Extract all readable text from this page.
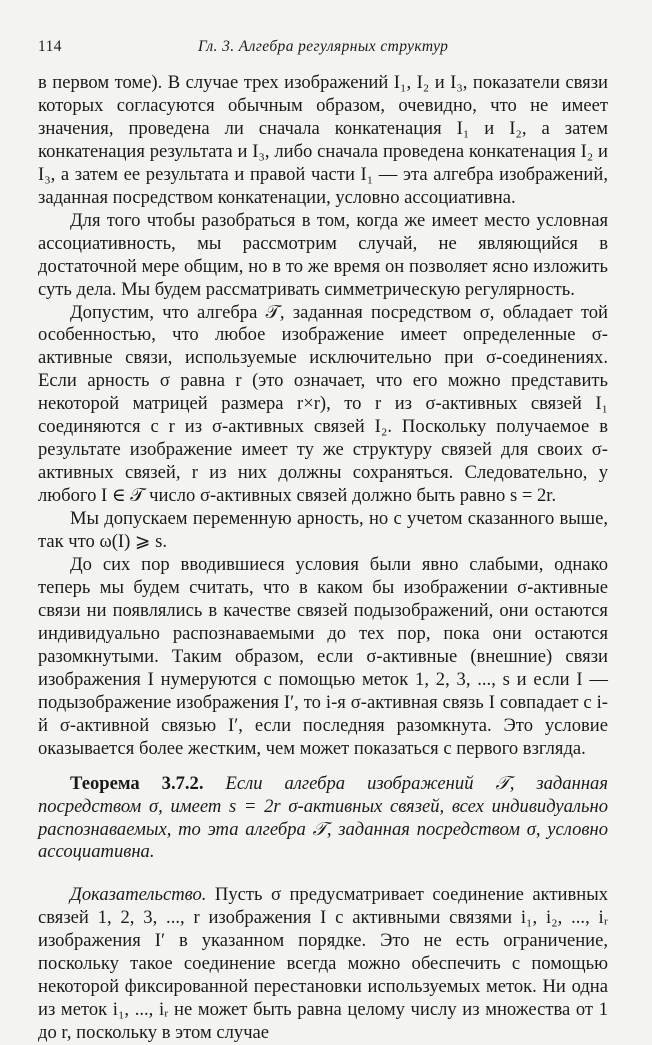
114	Гл. 3. Алгебра регулярных структур

в первом томе). В случае трех изображений I₁, I₂ и I₃, показатели связи которых согласуются обычным образом, очевидно, что не имеет значения, проведена ли сначала конкатенация I₁ и I₂, а затем конкатенация результата и I₃, либо сначала проведена конкатенация I₂ и I₃, а затем ее результата и правой части I₁ — эта алгебра изображений, заданная посредством конкатенации, условно ассоциативна.

Для того чтобы разобраться в том, когда же имеет место условная ассоциативность, мы рассмотрим случай, не являющийся в достаточной мере общим, но в то же время он позволяет ясно изложить суть дела. Мы будем рассматривать симметрическую регулярность.

Допустим, что алгебра 𝒯, заданная посредством σ, обладает той особенностью, что любое изображение имеет определенные σ-активные связи, используемые исключительно при σ-соединениях. Если арность σ равна r (это означает, что его можно представить некоторой матрицей размера r×r), то r из σ-активных связей I₁ соединяются с r из σ-активных связей I₂. Поскольку получаемое в результате изображение имеет ту же структуру связей для своих σ-активных связей, r из них должны сохраняться. Следовательно, у любого I ∈ 𝒯 число σ-активных связей должно быть равно s = 2r.

Мы допускаем переменную арность, но с учетом сказанного выше, так что ω(I) ⩾ s.

До сих пор вводившиеся условия были явно слабыми, однако теперь мы будем считать, что в каком бы изображении σ-активные связи ни появлялись в качестве связей подызображений, они остаются индивидуально распознаваемыми до тех пор, пока они остаются разомкнутыми. Таким образом, если σ-активные (внешние) связи изображения I нумеруются с помощью меток 1, 2, 3, ..., s и если I — подызображение изображения I′, то i-я σ-активная связь I совпадает с i-й σ-активной связью I′, если последняя разомкнута. Это условие оказывается более жестким, чем может показаться с первого взгляда.

Теорема 3.7.2. Если алгебра изображений 𝒯, заданная посредством σ, имеет s = 2r σ-активных связей, всех индивидуально распознаваемых, то эта алгебра 𝒯, заданная посредством σ, условно ассоциативна.

Доказательство. Пусть σ предусматривает соединение активных связей 1, 2, 3, ..., r изображения I с активными связями i₁, i₂, ..., iᵣ изображения I′ в указанном порядке. Это не есть ограничение, поскольку такое соединение всегда можно обеспечить с помощью некоторой фиксированной перестановки используемых меток. Ни одна из меток i₁, ..., iᵣ не может быть равна целому числу из множества от 1 до r, поскольку в этом случае
